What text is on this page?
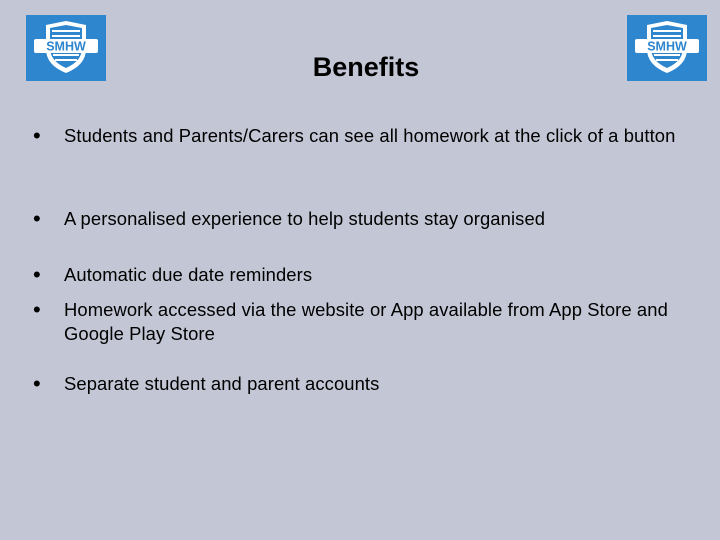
SMHW	SMHW
Benefits
• Students and Parents/Carers can see all homework at the click of a button
• A personalised experience to help students stay organised
• Automatic due date reminders
• Homework accessed via the website or App available from App Store and Google Play Store
• Separate student and parent accounts
